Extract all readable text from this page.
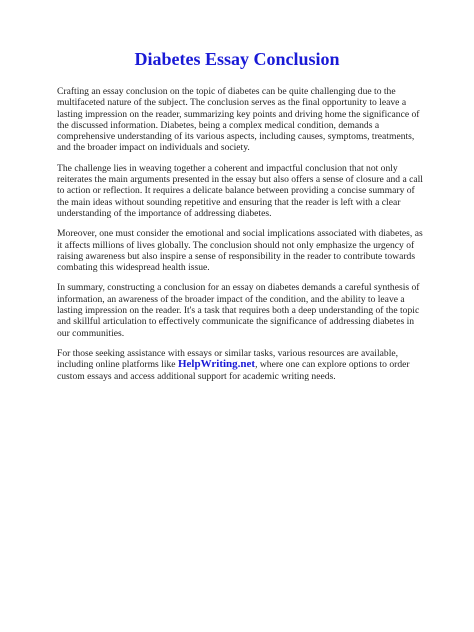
Diabetes Essay Conclusion

Crafting an essay conclusion on the topic of diabetes can be quite challenging due to the multifaceted nature of the subject. The conclusion serves as the final opportunity to leave a lasting impression on the reader, summarizing key points and driving home the significance of the discussed information. Diabetes, being a complex medical condition, demands a comprehensive understanding of its various aspects, including causes, symptoms, treatments, and the broader impact on individuals and society.

The challenge lies in weaving together a coherent and impactful conclusion that not only reiterates the main arguments presented in the essay but also offers a sense of closure and a call to action or reflection. It requires a delicate balance between providing a concise summary of the main ideas without sounding repetitive and ensuring that the reader is left with a clear understanding of the importance of addressing diabetes.

Moreover, one must consider the emotional and social implications associated with diabetes, as it affects millions of lives globally. The conclusion should not only emphasize the urgency of raising awareness but also inspire a sense of responsibility in the reader to contribute towards combating this widespread health issue.

In summary, constructing a conclusion for an essay on diabetes demands a careful synthesis of information, an awareness of the broader impact of the condition, and the ability to leave a lasting impression on the reader. It's a task that requires both a deep understanding of the topic and skillful articulation to effectively communicate the significance of addressing diabetes in our communities.

For those seeking assistance with essays or similar tasks, various resources are available, including online platforms like HelpWriting.net, where one can explore options to order custom essays and access additional support for academic writing needs.
